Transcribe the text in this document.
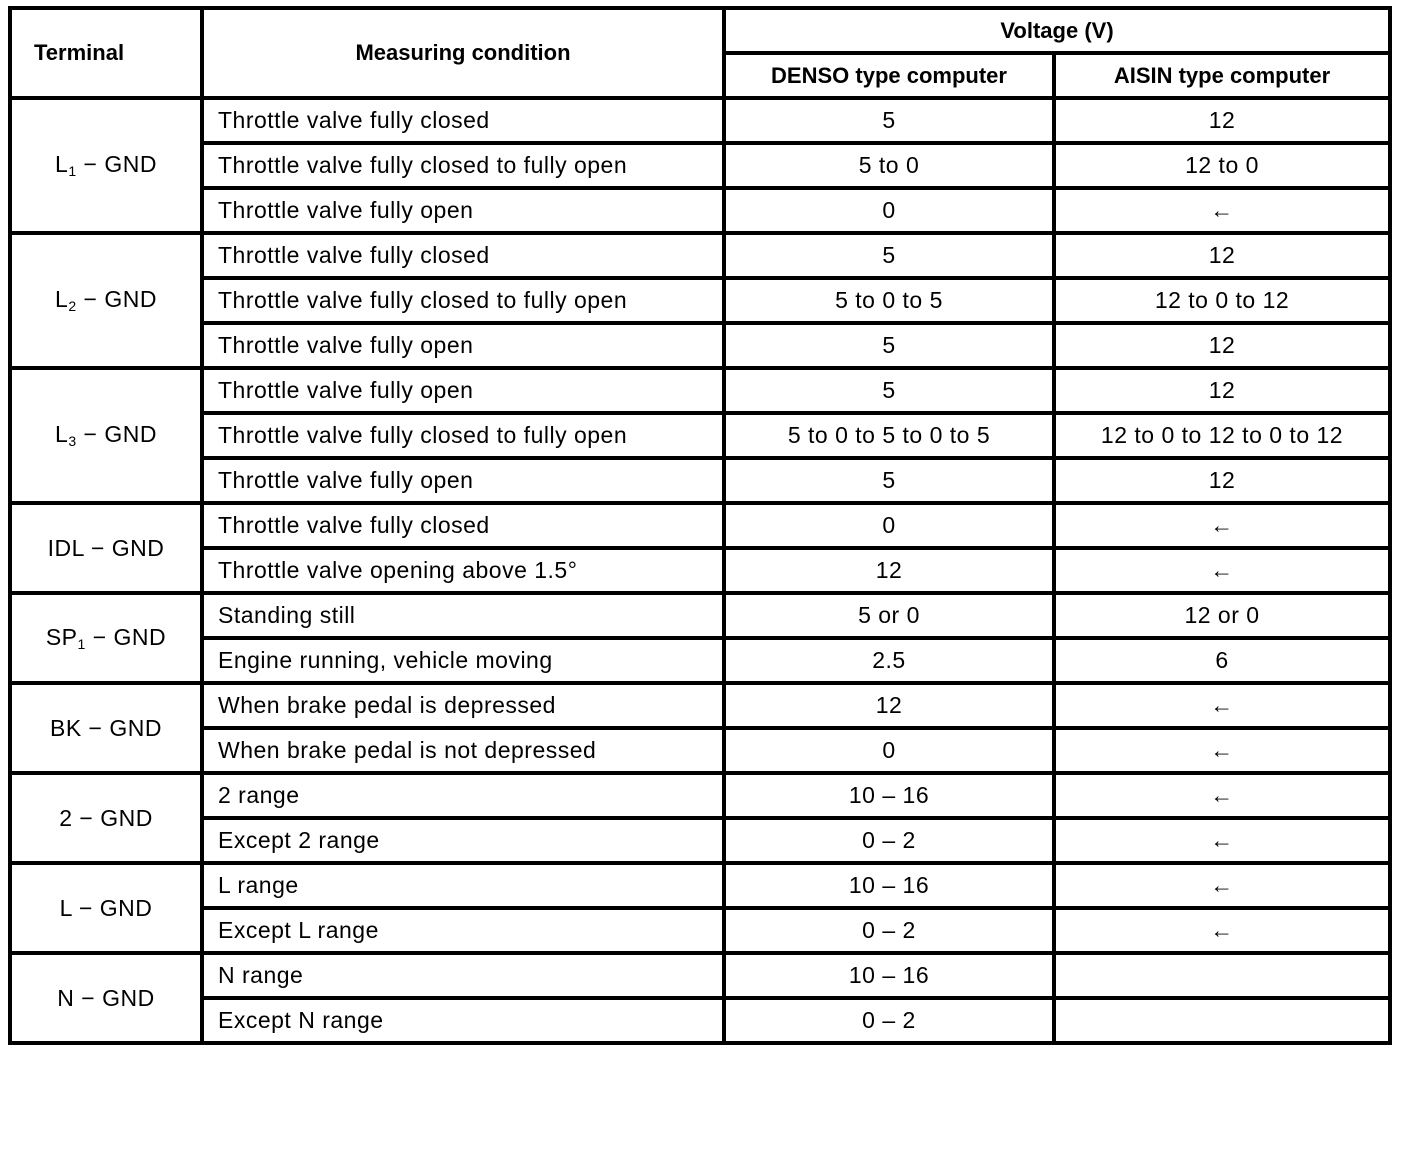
Terminal	Measuring condition	Voltage (V)	
		DENSO type computer	AISIN type computer
$L_1$ − GND	Throttle valve fully closed	5	12
	Throttle valve fully closed to fully open	5 to 0	12 to 0
	Throttle valve fully open	0	←
$L_2$ − GND	Throttle valve fully closed	5	12
	Throttle valve fully closed to fully open	5 to 0 to 5	12 to 0 to 12
	Throttle valve fully open	5	12
$L_3$ − GND	Throttle valve fully open	5	12
	Throttle valve fully closed to fully open	5 to 0 to 5 to 0 to 5	12 to 0 to 12 to 0 to 12
	Throttle valve fully open	5	12
IDL − GND	Throttle valve fully closed	0	←
	Throttle valve opening above 1.5°	12	←
$SP_1$ − GND	Standing still	5 or 0	12 or 0
	Engine running, vehicle moving	2.5	6
BK − GND	When brake pedal is depressed	12	←
	When brake pedal is not depressed	0	←
2 − GND	2 range	10 – 16	←
	Except 2 range	0 – 2	←
L − GND	L range	10 – 16	←
	Except L range	0 – 2	←
N − GND	N range	10 – 16	
	Except N range	0 – 2	
